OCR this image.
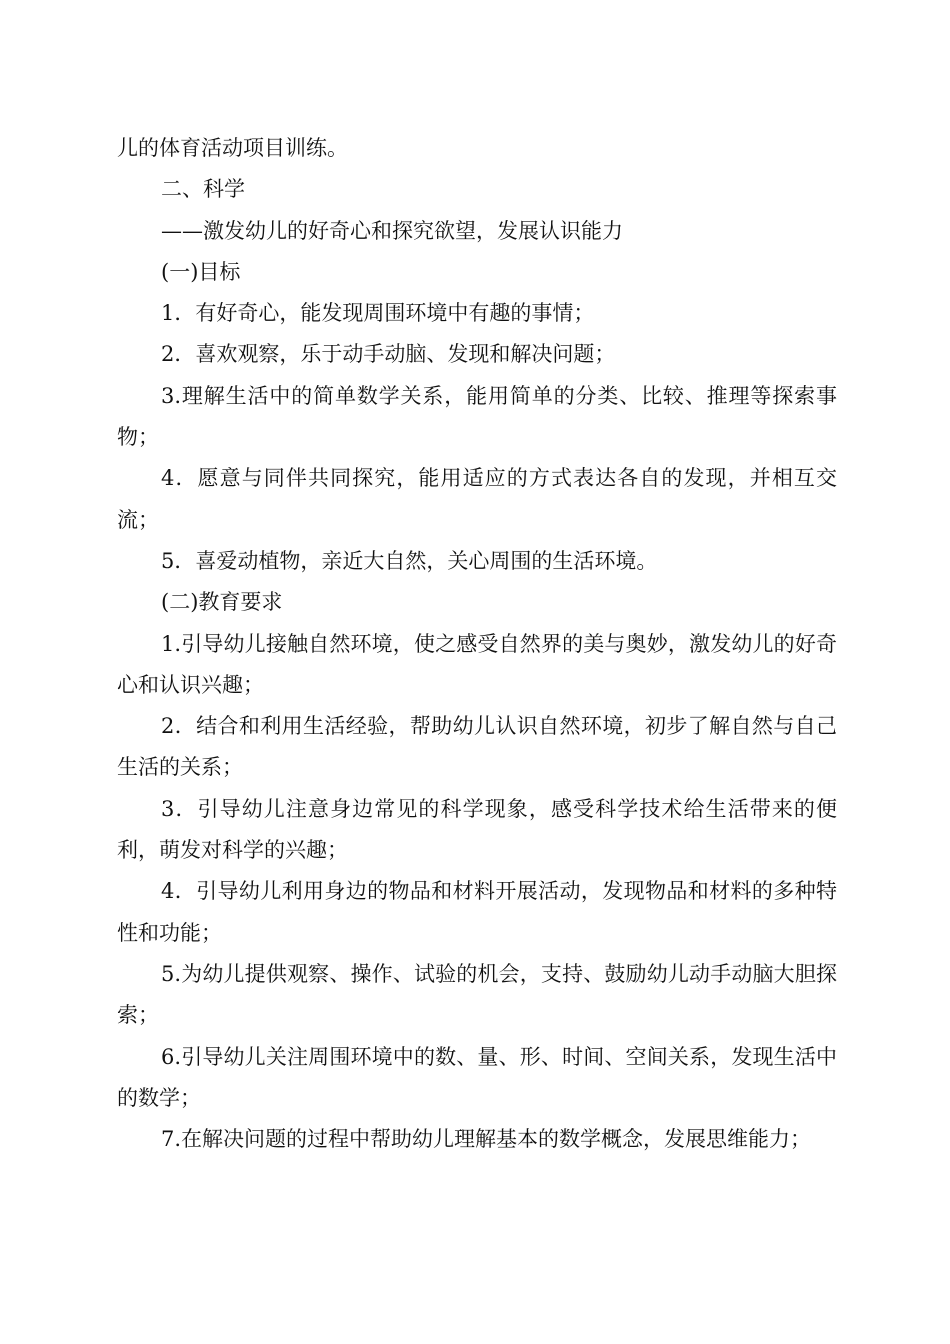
儿的体育活动项目训练。

二、科学

——激发幼儿的好奇心和探究欲望，发展认识能力

(一)目标

1．有好奇心，能发现周围环境中有趣的事情；

2．喜欢观察，乐于动手动脑、发现和解决问题；

3.理解生活中的简单数学关系，能用简单的分类、比较、推理等探索事物；

4．愿意与同伴共同探究，能用适应的方式表达各自的发现，并相互交流；

5．喜爱动植物，亲近大自然，关心周围的生活环境。

(二)教育要求

1.引导幼儿接触自然环境，使之感受自然界的美与奥妙，激发幼儿的好奇心和认识兴趣；

2．结合和利用生活经验，帮助幼儿认识自然环境，初步了解自然与自己生活的关系；

3．引导幼儿注意身边常见的科学现象，感受科学技术给生活带来的便利，萌发对科学的兴趣；

4．引导幼儿利用身边的物品和材料开展活动，发现物品和材料的多种特性和功能；

5.为幼儿提供观察、操作、试验的机会，支持、鼓励幼儿动手动脑大胆探索；

6.引导幼儿关注周围环境中的数、量、形、时间、空间关系，发现生活中的数学；

7.在解决问题的过程中帮助幼儿理解基本的数学概念，发展思维能力；
